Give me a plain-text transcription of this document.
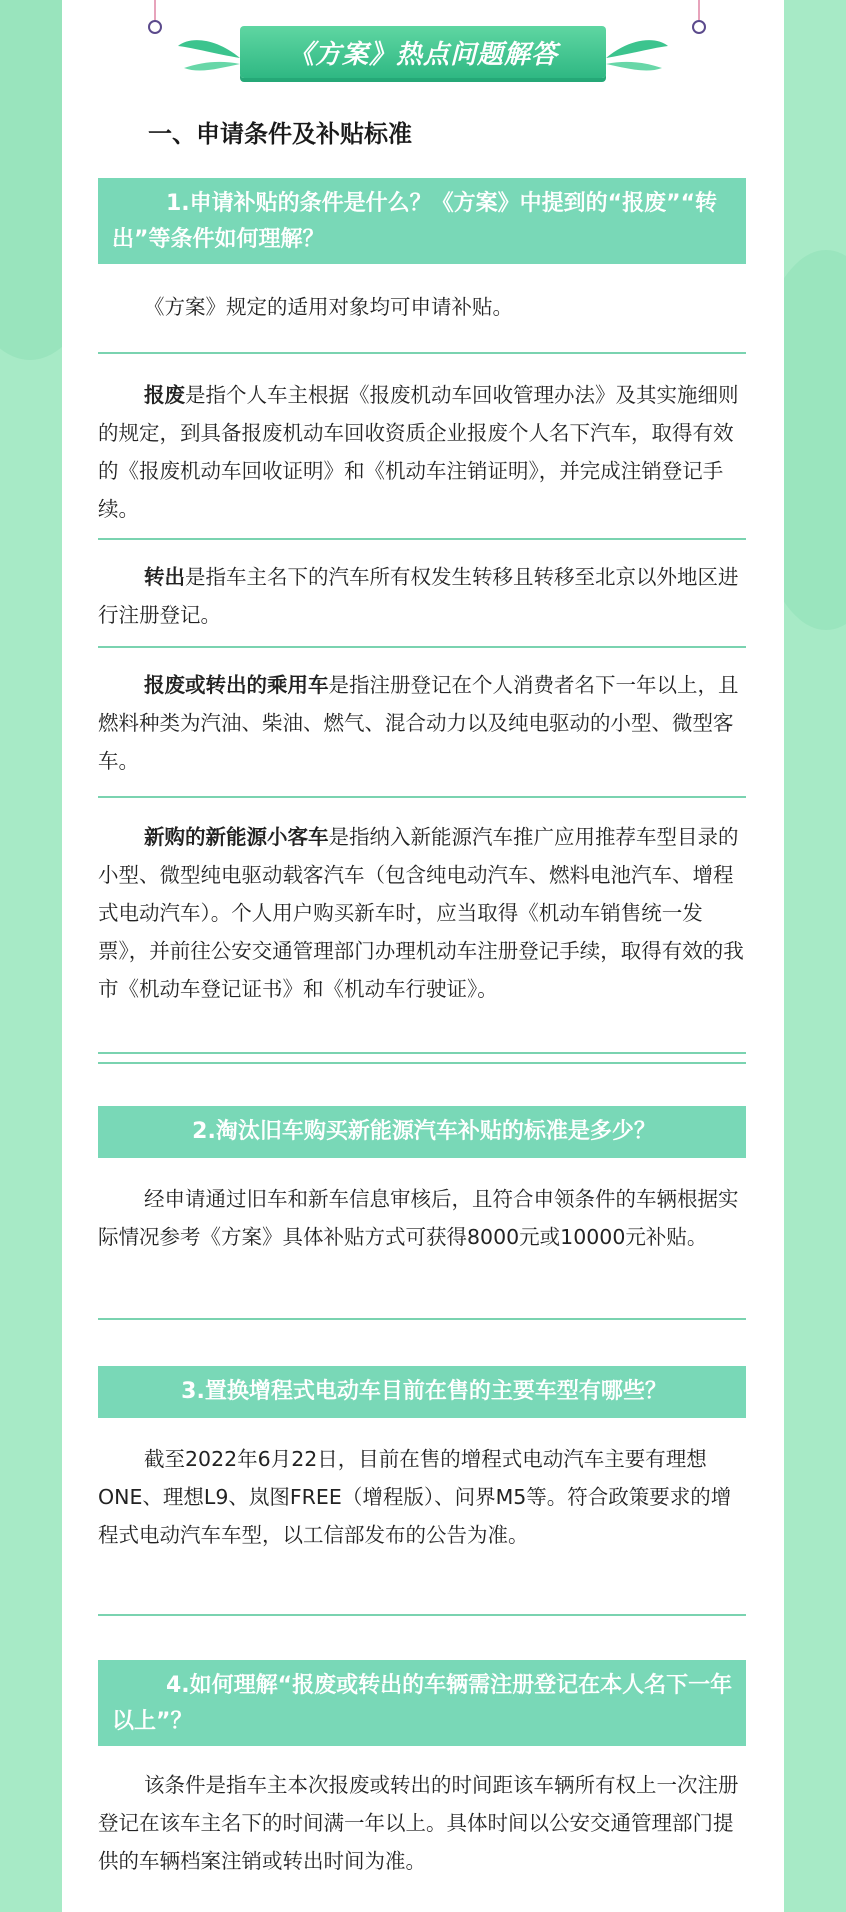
《方案》热点问题解答
一、申请条件及补贴标准
1.申请补贴的条件是什么？《方案》中提到的“报废”“转出”等条件如何理解？
《方案》规定的适用对象均可申请补贴。
报废是指个人车主根据《报废机动车回收管理办法》及其实施细则的规定，到具备报废机动车回收资质企业报废个人名下汽车，取得有效的《报废机动车回收证明》和《机动车注销证明》，并完成注销登记手续。
转出是指车主名下的汽车所有权发生转移且转移至北京以外地区进行注册登记。
报废或转出的乘用车是指注册登记在个人消费者名下一年以上，且燃料种类为汽油、柴油、燃气、混合动力以及纯电驱动的小型、微型客车。
新购的新能源小客车是指纳入新能源汽车推广应用推荐车型目录的小型、微型纯电驱动载客汽车（包含纯电动汽车、燃料电池汽车、增程式电动汽车）。个人用户购买新车时，应当取得《机动车销售统一发票》，并前往公安交通管理部门办理机动车注册登记手续，取得有效的我市《机动车登记证书》和《机动车行驶证》。
2.淘汰旧车购买新能源汽车补贴的标准是多少？
经申请通过旧车和新车信息审核后，且符合申领条件的车辆根据实际情况参考《方案》具体补贴方式可获得8000元或10000元补贴。
3.置换增程式电动车目前在售的主要车型有哪些？
截至2022年6月22日，目前在售的增程式电动汽车主要有理想ONE、理想L9、岚图FREE（增程版）、问界M5等。符合政策要求的增程式电动汽车车型，以工信部发布的公告为准。
4.如何理解“报废或转出的车辆需注册登记在本人名下一年以上”？
该条件是指车主本次报废或转出的时间距该车辆所有权上一次注册登记在该车主名下的时间满一年以上。具体时间以公安交通管理部门提供的车辆档案注销或转出时间为准。
